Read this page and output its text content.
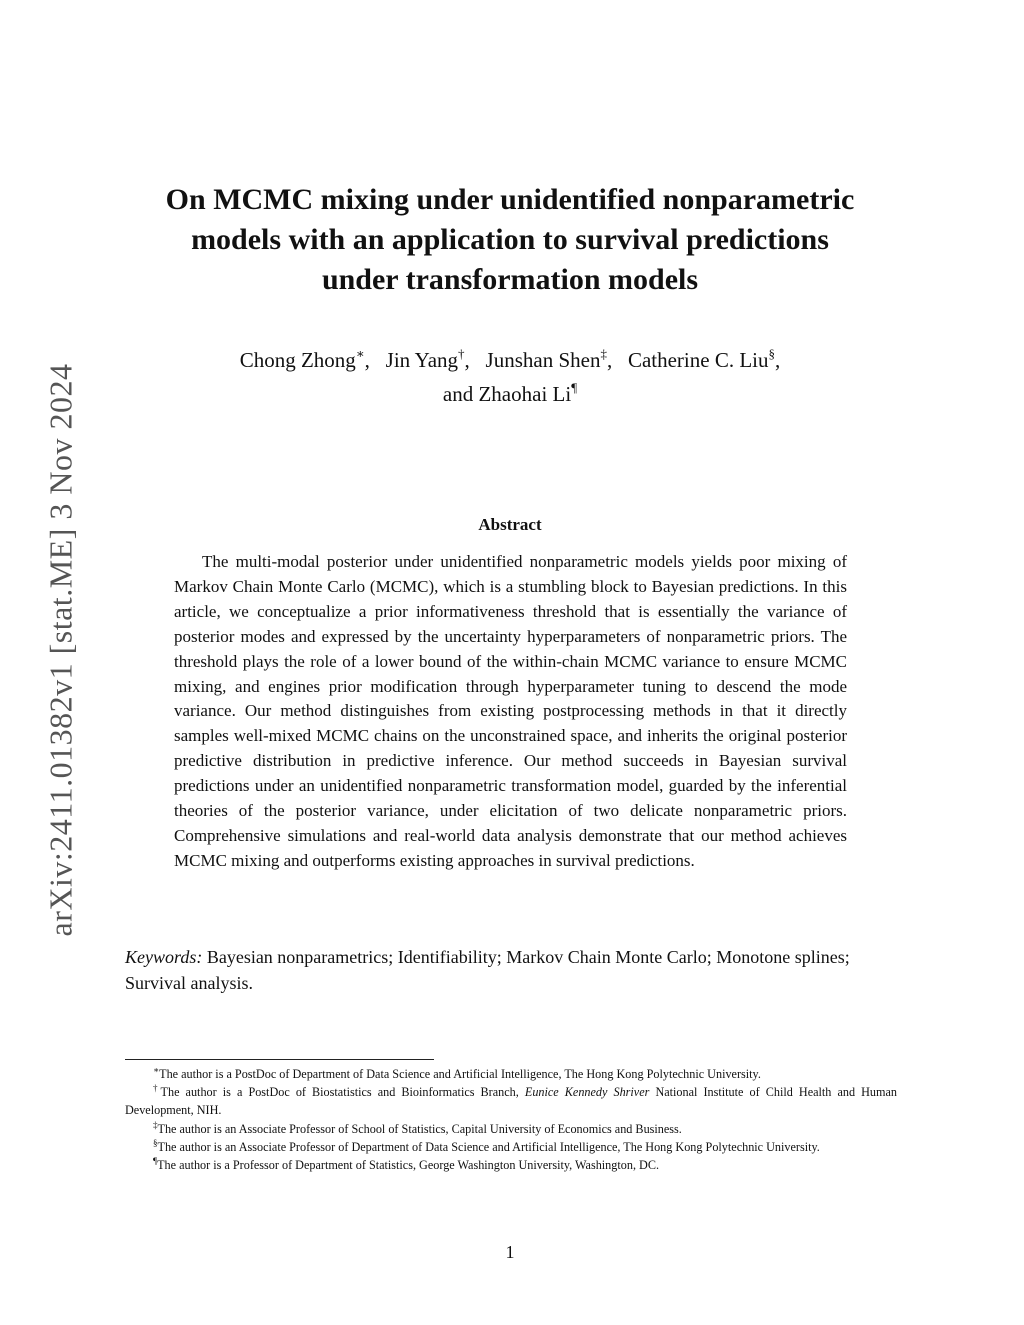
arXiv:2411.01382v1 [stat.ME] 3 Nov 2024
On MCMC mixing under unidentified nonparametric
models with an application to survival predictions
under transformation models
Chong Zhong∗,   Jin Yang†,   Junshan Shen‡,   Catherine C. Liu§,
and Zhaohai Li¶
Abstract

The multi-modal posterior under unidentified nonparametric models yields poor mixing of Markov Chain Monte Carlo (MCMC), which is a stumbling block to Bayesian predictions. In this article, we conceptualize a prior informativeness threshold that is essentially the variance of posterior modes and expressed by the uncertainty hyperparameters of nonparametric priors. The threshold plays the role of a lower bound of the within-chain MCMC variance to ensure MCMC mixing, and engines prior modification through hyperparameter tuning to descend the mode variance. Our method distinguishes from existing postprocessing methods in that it directly samples well-mixed MCMC chains on the unconstrained space, and inherits the original posterior predictive distribution in predictive inference. Our method succeeds in Bayesian survival predictions under an unidentified nonparametric transformation model, guarded by the inferential theories of the posterior variance, under elicitation of two delicate nonparametric priors. Comprehensive simulations and real-world data analysis demonstrate that our method achieves MCMC mixing and outperforms existing approaches in survival predictions.

Keywords: Bayesian nonparametrics; Identifiability; Markov Chain Monte Carlo; Monotone splines; Survival analysis.

∗The author is a PostDoc of Department of Data Science and Artificial Intelligence, The Hong Kong Polytechnic University.

†The author is a PostDoc of Biostatistics and Bioinformatics Branch, Eunice Kennedy Shriver National Institute of Child Health and Human Development, NIH.

‡The author is an Associate Professor of School of Statistics, Capital University of Economics and Business.

§The author is an Associate Professor of Department of Data Science and Artificial Intelligence, The Hong Kong Polytechnic University.

¶The author is a Professor of Department of Statistics, George Washington University, Washington, DC.

1
